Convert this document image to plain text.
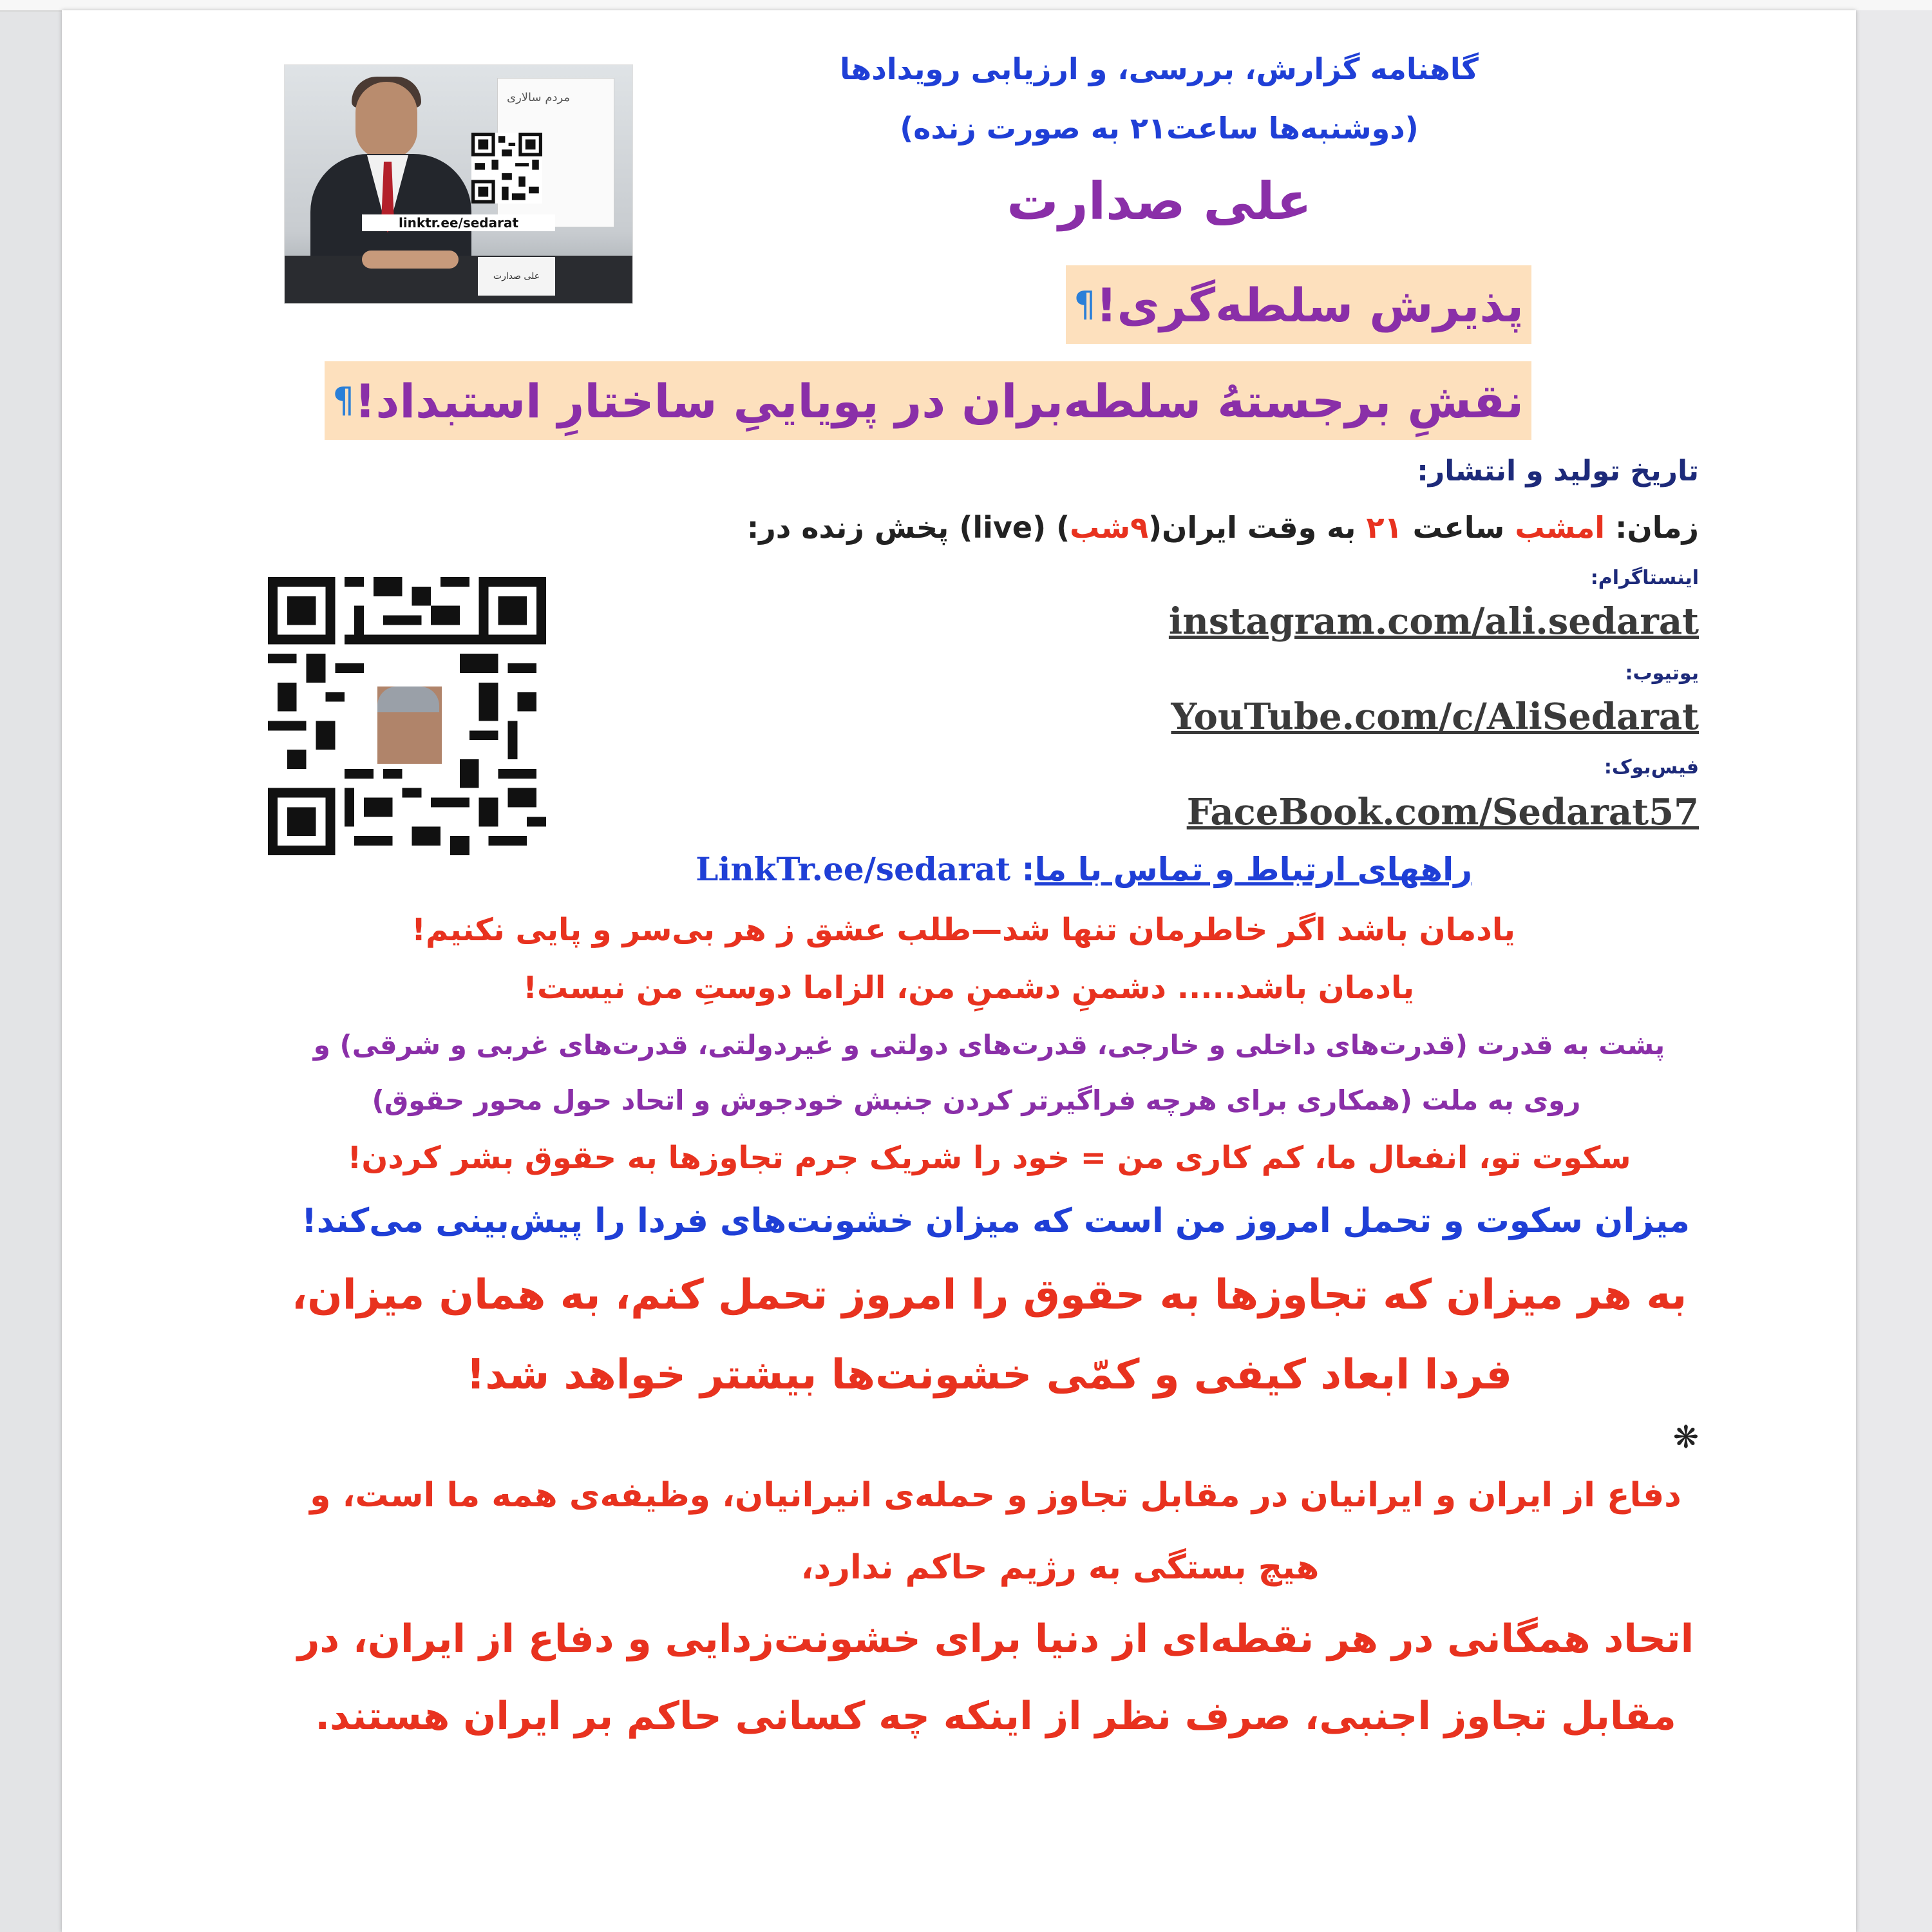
مردم سالاری
linktr.ee/sedarat
علی صدارت
گاهنامه گزارش، بررسی، و ارزیابی رویدادها
(دوشنبه‌ها ساعت۲۱ به صورت زنده)
علی صدارت
پذیرش سلطه‌گری!¶
نقشِ برجستهُ سلطه‌بران در پویاییِ ساختارِ استبداد!¶
تاریخ تولید و انتشار:
زمان: امشب ساعت ۲۱ به وقت ایران(۹شب) (live) پخش زنده در:
اینستاگرام:
instagram.com/ali.sedarat
یوتیوب:
YouTube.com/c/AliSedarat
فیس‌بوک:
FaceBook.com/Sedarat57
راههای ارتباط و تماس با ما: LinkTr.ee/sedarat
یادمان باشد اگر خاطرمان تنها شد—طلب عشق ز هر بی‌سر و پایی نکنیم!
یادمان باشد..... دشمنِ دشمنِ من، الزاما دوستِ من نیست!
پشت به قدرت (قدرت‌های داخلی و خارجی، قدرت‌های دولتی و غیردولتی، قدرت‌های غربی و شرقی) و
روی به ملت (همکاری برای هرچه فراگیرتر کردن جنبش خودجوش و اتحاد حول محور حقوق)
سکوت تو، انفعال ما، کم کاری من = خود را شریک جرم تجاوزها به حقوق بشر کردن!
میزان سکوت و تحمل امروز من است که میزان خشونت‌های فردا را پیش‌بینی می‌کند!
به هر میزان که تجاوزها به حقوق را امروز تحمل کنم، به همان میزان،
فردا ابعاد کیفی و کمّی خشونت‌ها بیشتر خواهد شد!
❋
دفاع از ایران و ایرانیان در مقابل تجاوز و حمله‌ی انیرانیان، وظیفه‌ی همه ما است، و
هیچ بستگی به رژیم حاکم ندارد،
اتحاد همگانی در هر نقطه‌ای از دنیا برای خشونت‌زدایی و دفاع از ایران، در
مقابل تجاوز اجنبی، صرف نظر از اینکه چه کسانی حاکم بر ایران هستند.
